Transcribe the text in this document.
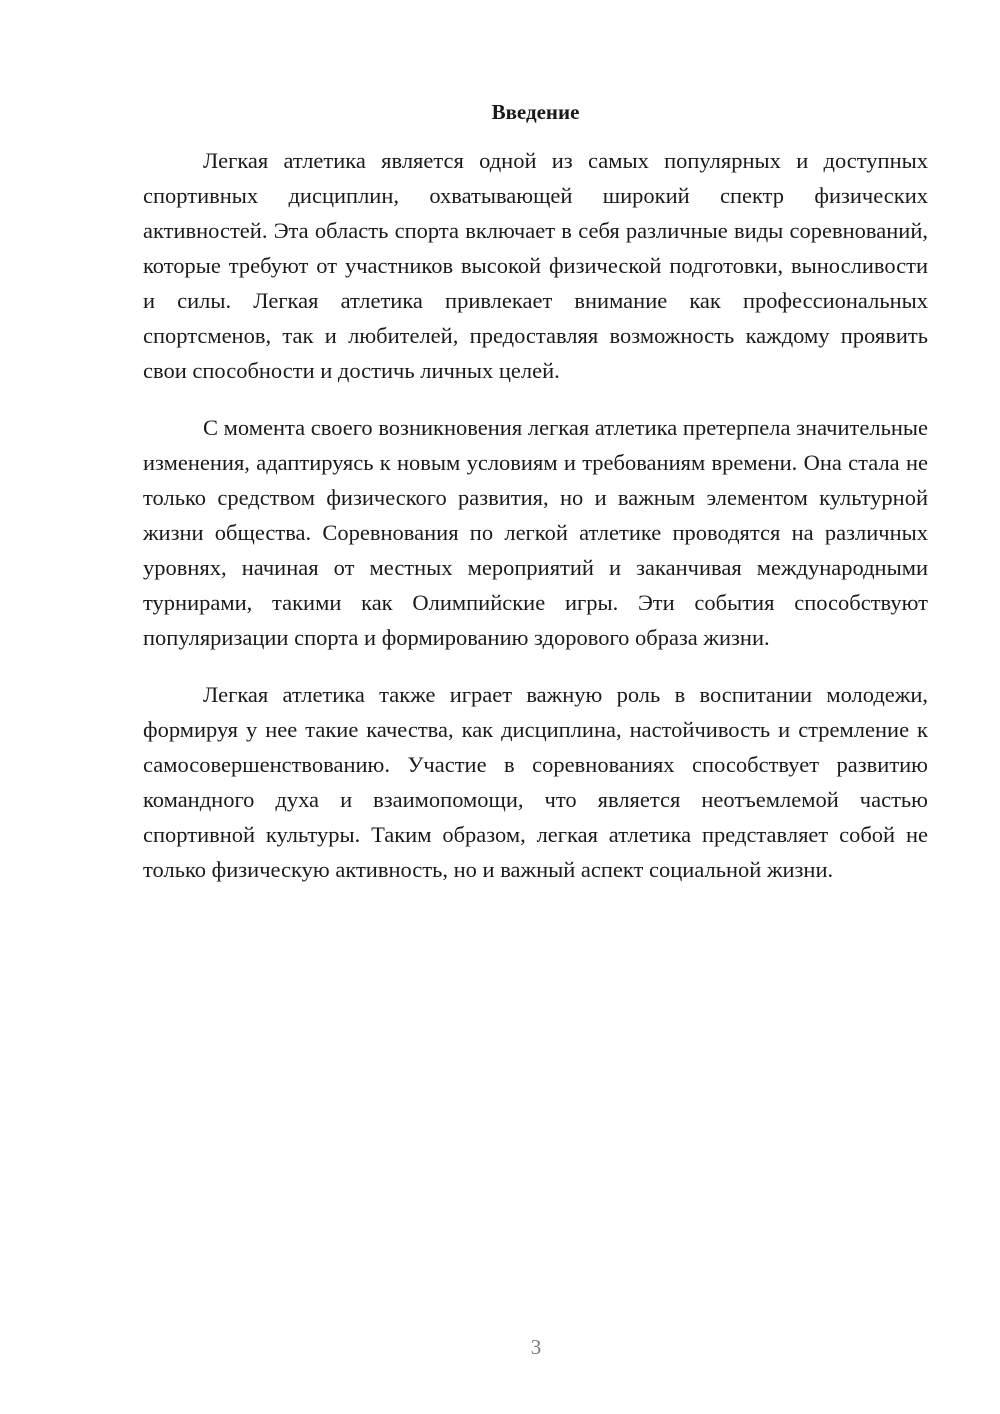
Введение

Легкая атлетика является одной из самых популярных и доступных спортивных дисциплин, охватывающей широкий спектр физических активностей. Эта область спорта включает в себя различные виды соревнований, которые требуют от участников высокой физической подготовки, выносливости и силы. Легкая атлетика привлекает внимание как профессиональных спортсменов, так и любителей, предоставляя возможность каждому проявить свои способности и достичь личных целей.

С момента своего возникновения легкая атлетика претерпела значительные изменения, адаптируясь к новым условиям и требованиям времени. Она стала не только средством физического развития, но и важным элементом культурной жизни общества. Соревнования по легкой атлетике проводятся на различных уровнях, начиная от местных мероприятий и заканчивая международными турнирами, такими как Олимпийские игры. Эти события способствуют популяризации спорта и формированию здорового образа жизни.

Легкая атлетика также играет важную роль в воспитании молодежи, формируя у нее такие качества, как дисциплина, настойчивость и стремление к самосовершенствованию. Участие в соревнованиях способствует развитию командного духа и взаимопомощи, что является неотъемлемой частью спортивной культуры. Таким образом, легкая атлетика представляет собой не только физическую активность, но и важный аспект социальной жизни.

3
